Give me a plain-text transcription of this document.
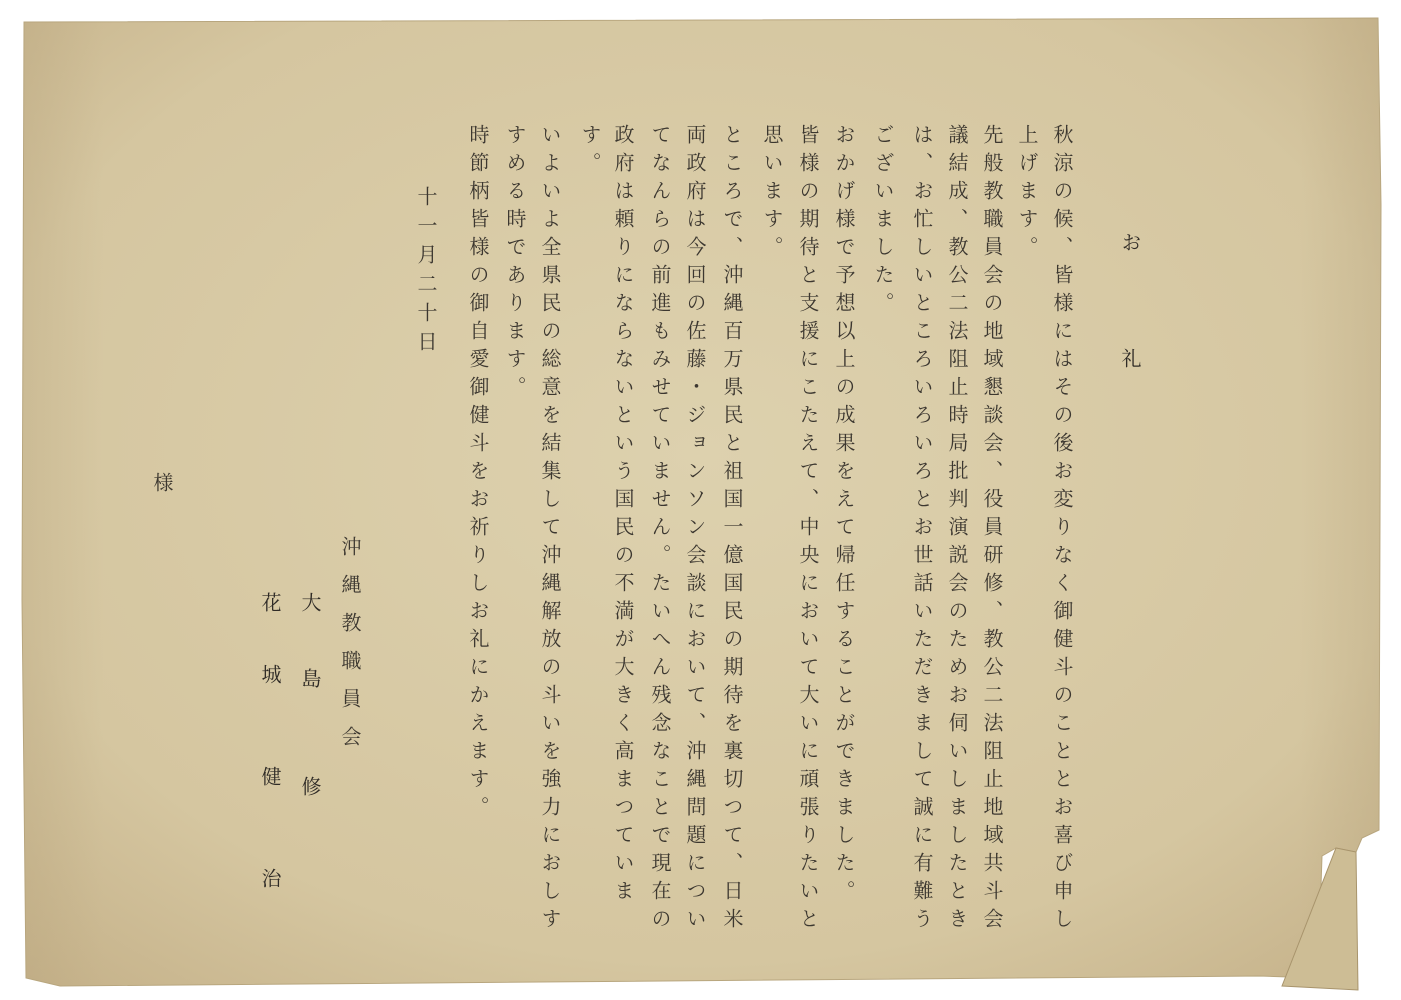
お礼
秋涼の候、皆様にはその後お変りなく御健斗のこととお喜び申し
上げます。
先般教職員会の地域懇談会、役員研修、教公二法阻止地域共斗会
議結成、教公二法阻止時局批判演説会のためお伺いしましたとき
は、お忙しいところいろいろとお世話いただきまして誠に有難う
ございました。
おかげ様で予想以上の成果をえて帰任することができました。
皆様の期待と支援にこたえて、中央において大いに頑張りたいと
思います。
ところで、沖縄百万県民と祖国一億国民の期待を裏切つて、日米
両政府は今回の佐藤・ジョンソン会談において、沖縄問題につい
てなんらの前進もみせていません。たいへん残念なことで現在の
政府は頼りにならないという国民の不満が大きく高まつていま
す。
いよいよ全県民の総意を結集して沖縄解放の斗いを強力におしす
すめる時であります。
時節柄皆様の御自愛御健斗をお祈りしお礼にかえます。
十一月二十日
沖縄教職員会
大 島　　修
花 城　　健　　治
様
